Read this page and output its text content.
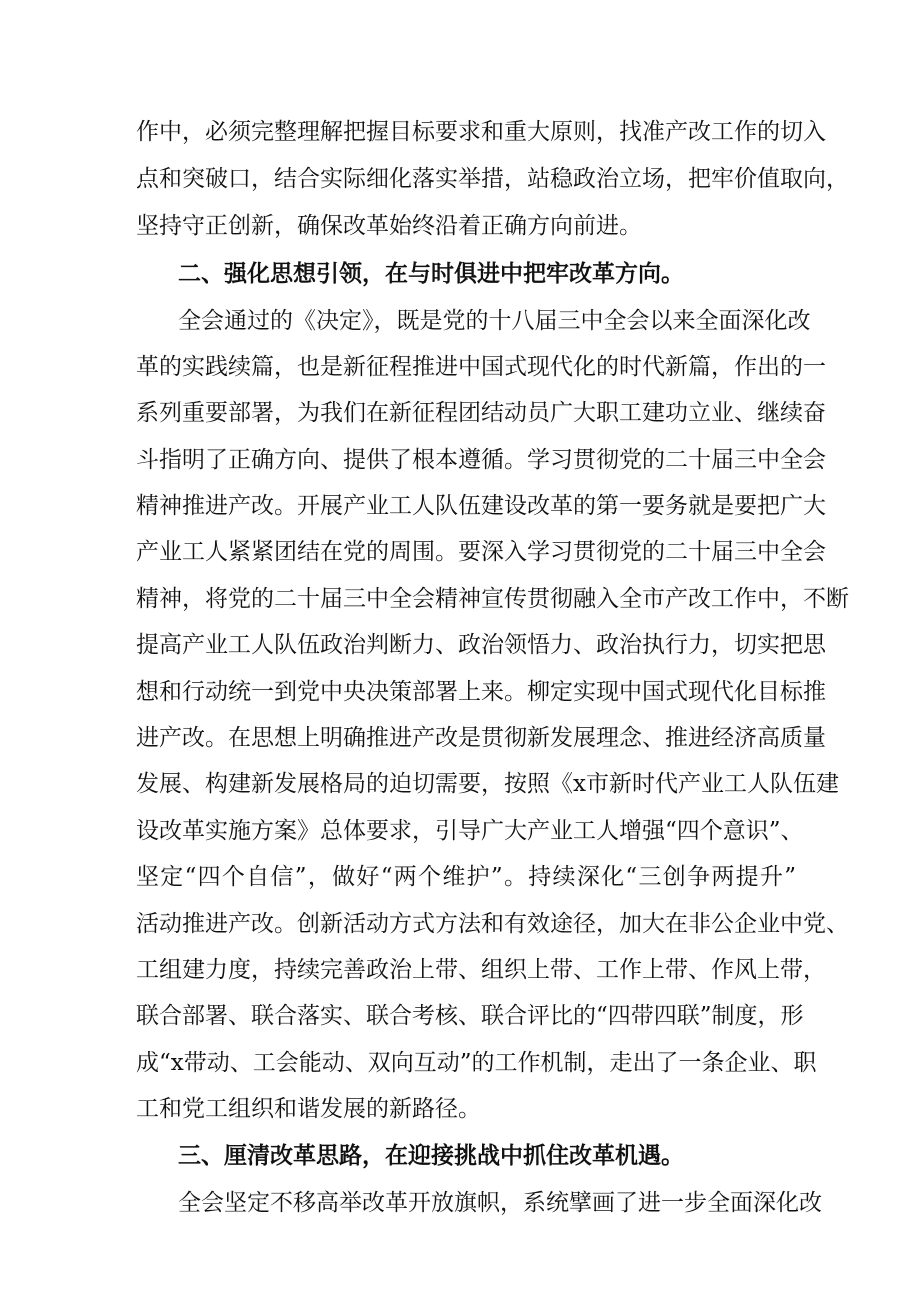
作中，必须完整理解把握目标要求和重大原则，找准产改工作的切入
点和突破口，结合实际细化落实举措，站稳政治立场，把牢价值取向，
坚持守正创新，确保改革始终沿着正确方向前进。
二、强化思想引领，在与时俱进中把牢改革方向。
全会通过的《决定》，既是党的十八届三中全会以来全面深化改
革的实践续篇，也是新征程推进中国式现代化的时代新篇，作出的一
系列重要部署，为我们在新征程团结动员广大职工建功立业、继续奋
斗指明了正确方向、提供了根本遵循。学习贯彻党的二十届三中全会
精神推进产改。开展产业工人队伍建设改革的第一要务就是要把广大
产业工人紧紧团结在党的周围。要深入学习贯彻党的二十届三中全会
精神，将党的二十届三中全会精神宣传贯彻融入全市产改工作中，不断
提高产业工人队伍政治判断力、政治领悟力、政治执行力，切实把思
想和行动统一到党中央决策部署上来。柳定实现中国式现代化目标推
进产改。在思想上明确推进产改是贯彻新发展理念、推进经济高质量
发展、构建新发展格局的迫切需要，按照《x市新时代产业工人队伍建
设改革实施方案》总体要求，引导广大产业工人增强“四个意识”、
坚定“四个自信”，做好“两个维护”。持续深化“三创争两提升”
活动推进产改。创新活动方式方法和有效途径，加大在非公企业中党、
工组建力度，持续完善政治上带、组织上带、工作上带、作风上带，
联合部署、联合落实、联合考核、联合评比的“四带四联”制度，形
成“x带动、工会能动、双向互动”的工作机制，走出了一条企业、职
工和党工组织和谐发展的新路径。
三、厘清改革思路，在迎接挑战中抓住改革机遇。
全会坚定不移高举改革开放旗帜，系统擘画了进一步全面深化改
